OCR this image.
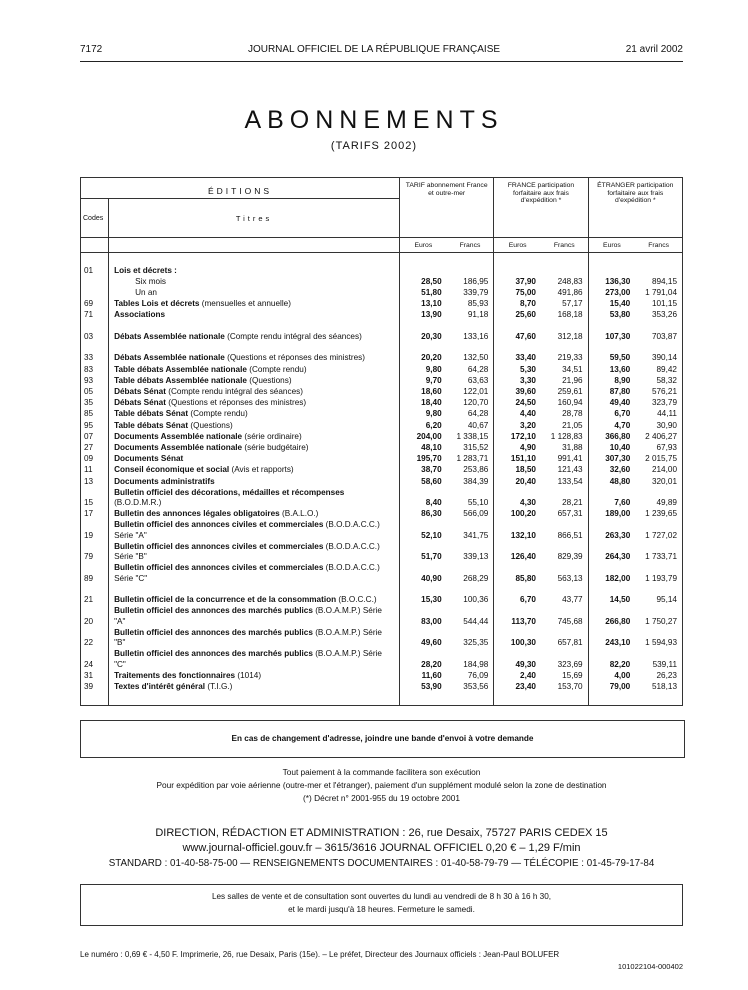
7172	JOURNAL OFFICIEL DE LA RÉPUBLIQUE FRANÇAISE	21 avril 2002
ABONNEMENTS
(TARIFS 2002)
ÉDITIONS		TARIF abonnement France et outre-mer		FRANCE participation forfaitaire aux frais d'expédition *		ÉTRANGER participation forfaitaire aux frais d'expédition *	
Codes	Titres						
		Euros	Francs	Euros	Francs	Euros	Francs

01	Lois et décrets :						
	Six mois	28,50	186,95	37,90	248,83	136,30	894,15
	Un an	51,80	339,79	75,00	491,86	273,00	1 791,04
69	Tables Lois et décrets (mensuelles et annuelle)	13,10	85,93	8,70	57,17	15,40	101,15
71	Associations	13,90	91,18	25,60	168,18	53,80	353,26
03	Débats Assemblée nationale (Compte rendu intégral des séances)	20,30	133,16	47,60	312,18	107,30	703,87
33	Débats Assemblée nationale (Questions et réponses des ministres)	20,20	132,50	33,40	219,33	59,50	390,14
83	Table débats Assemblée nationale (Compte rendu)	9,80	64,28	5,30	34,51	13,60	89,42
93	Table débats Assemblée nationale (Questions)	9,70	63,63	3,30	21,96	8,90	58,32
05	Débats Sénat (Compte rendu intégral des séances)	18,60	122,01	39,60	259,61	87,80	576,21
35	Débats Sénat (Questions et réponses des ministres)	18,40	120,70	24,50	160,94	49,40	323,79
85	Table débats Sénat (Compte rendu)	9,80	64,28	4,40	28,78	6,70	44,11
95	Table débats Sénat (Questions)	6,20	40,67	3,20	21,05	4,70	30,90
07	Documents Assemblée nationale (série ordinaire)	204,00	1 338,15	172,10	1 128,83	366,80	2 406,27
27	Documents Assemblée nationale (série budgétaire)	48,10	315,52	4,90	31,88	10,40	67,93
09	Documents Sénat	195,70	1 283,71	151,10	991,41	307,30	2 015,75
11	Conseil économique et social (Avis et rapports)	38,70	253,86	18,50	121,43	32,60	214,00
13	Documents administratifs	58,60	384,39	20,40	133,54	48,80	320,01
15	Bulletin officiel des décorations, médailles et récompenses (B.O.D.M.R.)	8,40	55,10	4,30	28,21	7,60	49,89
17	Bulletin des annonces légales obligatoires (B.A.L.O.)	86,30	566,09	100,20	657,31	189,00	1 239,65
19	Bulletin officiel des annonces civiles et commerciales (B.O.D.A.C.C.) Série "A"	52,10	341,75	132,10	866,51	263,30	1 727,02
79	Bulletin officiel des annonces civiles et commerciales (B.O.D.A.C.C.) Série "B"	51,70	339,13	126,40	829,39	264,30	1 733,71
89	Bulletin officiel des annonces civiles et commerciales (B.O.D.A.C.C.) Série "C"	40,90	268,29	85,80	563,13	182,00	1 193,79
21	Bulletin officiel de la concurrence et de la consommation (B.O.C.C.)	15,30	100,36	6,70	43,77	14,50	95,14
20	Bulletin officiel des annonces des marchés publics (B.O.A.M.P.) Série "A"	83,00	544,44	113,70	745,68	266,80	1 750,27
22	Bulletin officiel des annonces des marchés publics (B.O.A.M.P.) Série "B"	49,60	325,35	100,30	657,81	243,10	1 594,93
24	Bulletin officiel des annonces des marchés publics (B.O.A.M.P.) Série "C"	28,20	184,98	49,30	323,69	82,20	539,11
31	Traitements des fonctionnaires (1014)	11,60	76,09	2,40	15,69	4,00	26,23
39	Textes d'intérêt général (T.I.G.)	53,90	353,56	23,40	153,70	79,00	518,13

En cas de changement d'adresse, joindre une bande d'envoi à votre demande
Tout paiement à la commande facilitera son exécution
Pour expédition par voie aérienne (outre-mer et l'étranger), paiement d'un supplément modulé selon la zone de destination
(*) Décret n° 2001-955 du 19 octobre 2001
DIRECTION, RÉDACTION ET ADMINISTRATION : 26, rue Desaix, 75727 PARIS CEDEX 15
www.journal-officiel.gouv.fr – 3615/3616 JOURNAL OFFICIEL 0,20 € – 1,29 F/min
STANDARD : 01-40-58-75-00 — RENSEIGNEMENTS DOCUMENTAIRES : 01-40-58-79-79 — TÉLÉCOPIE : 01-45-79-17-84
Les salles de vente et de consultation sont ouvertes du lundi au vendredi de 8 h 30 à 16 h 30,
et le mardi jusqu'à 18 heures. Fermeture le samedi.
Le numéro : 0,69 € - 4,50 F. Imprimerie, 26, rue Desaix, Paris (15e). – Le préfet, Directeur des Journaux officiels : Jean-Paul BOLUFER
101022104-000402
